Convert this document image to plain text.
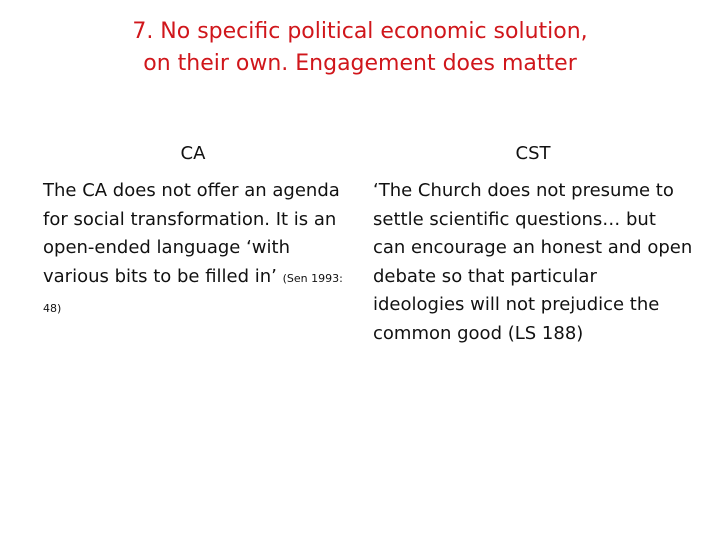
7. No specific political economic solution,
on their own. Engagement does matter
CA

The CA does not offer an agenda for social transformation. It is an open-ended language ‘with various bits to be filled in’ (Sen 1993: 48)

CST

‘The Church does not presume to settle scientific questions… but can encourage an honest and open debate so that particular ideologies will not prejudice the common good (LS 188)
